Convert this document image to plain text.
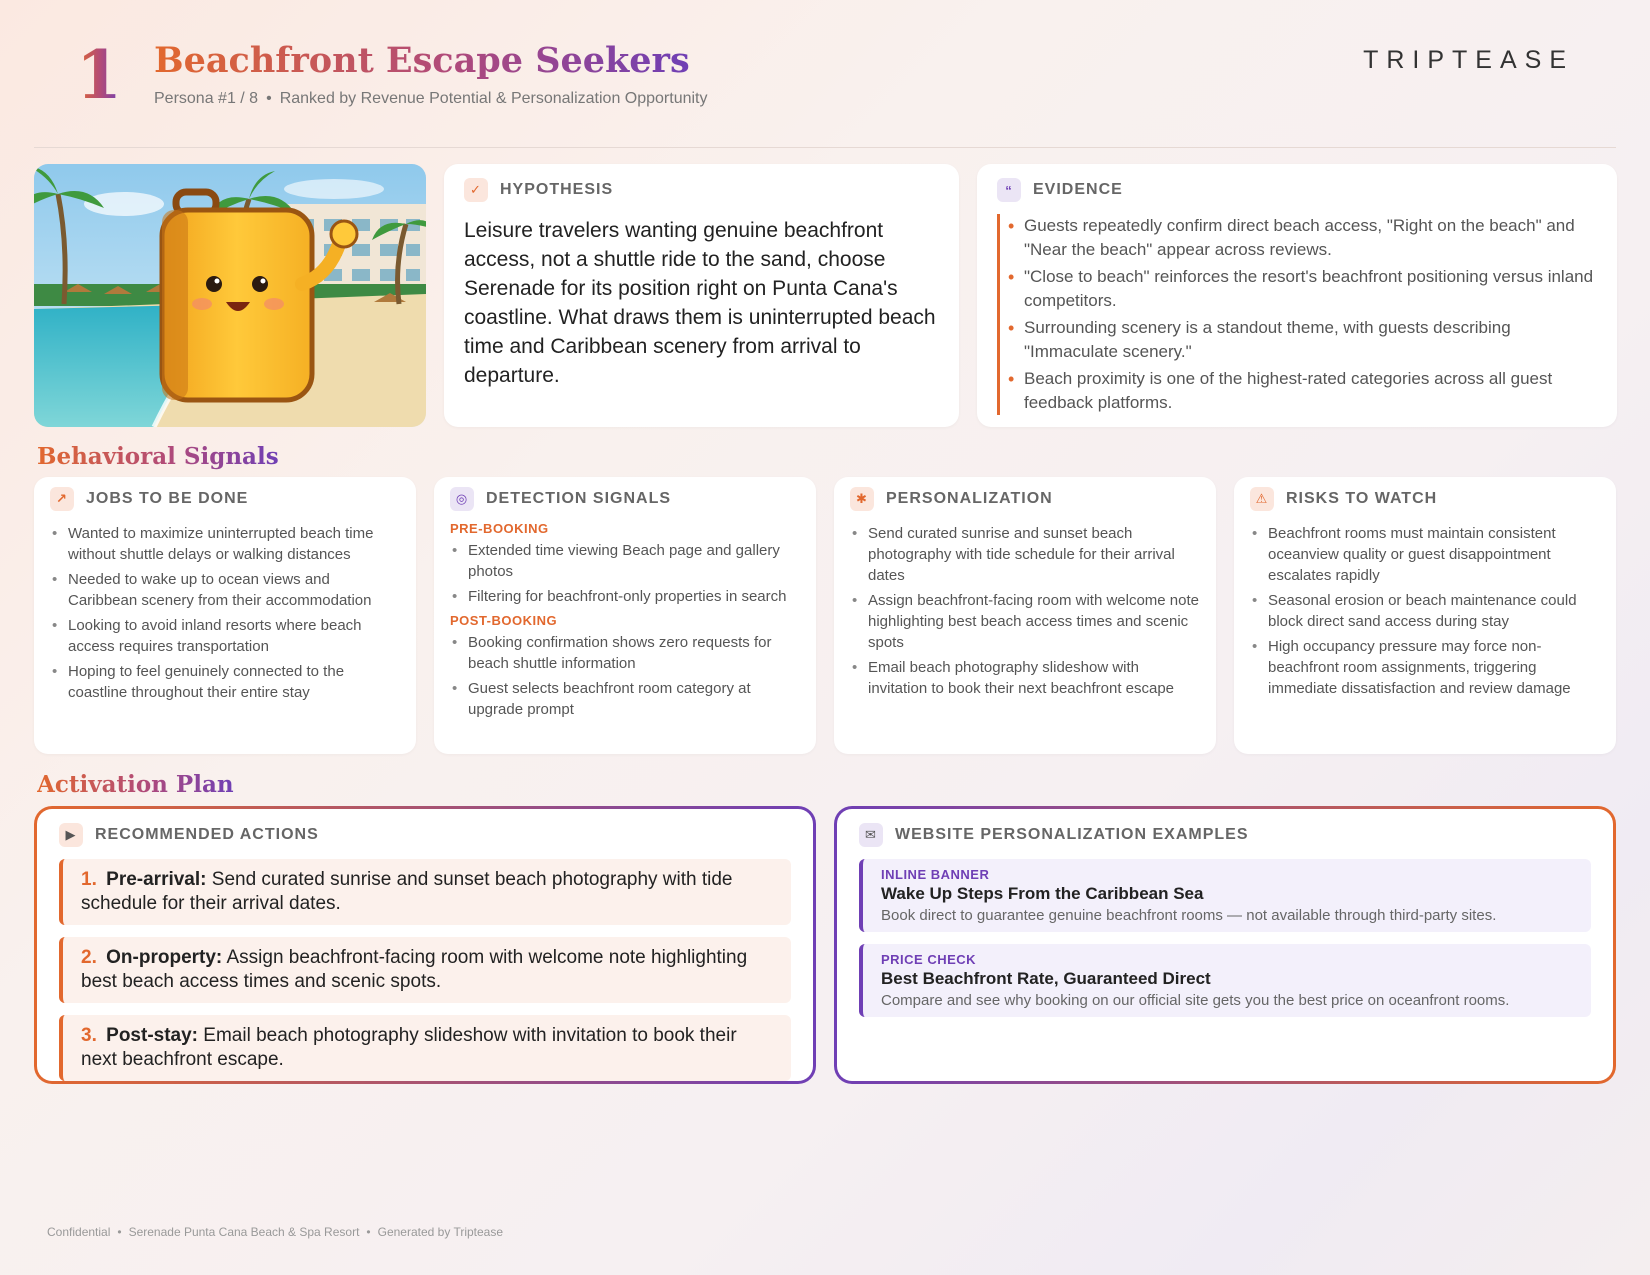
1 Beachfront Escape Seekers
Persona #1 / 8 • Ranked by Revenue Potential & Personalization Opportunity
TRIPTEASE
✓	HYPOTHESIS

Leisure travelers wanting genuine beachfront access, not a shuttle ride to the sand, choose Serenade for its position right on Punta Cana's coastline. What draws them is uninterrupted beach time and Caribbean scenery from arrival to departure.

“	EVIDENCE
• Guests repeatedly confirm direct beach access, "Right on the beach" and "Near the beach" appear across reviews.
• "Close to beach" reinforces the resort's beachfront positioning versus inland competitors.
• Surrounding scenery is a standout theme, with guests describing "Immaculate scenery."
• Beach proximity is one of the highest-rated categories across all guest feedback platforms.
Behavioral Signals
↗	JOBS TO BE DONE
• Wanted to maximize uninterrupted beach time without shuttle delays or walking distances
• Needed to wake up to ocean views and Caribbean scenery from their accommodation
• Looking to avoid inland resorts where beach access requires transportation
• Hoping to feel genuinely connected to the coastline throughout their entire stay
◎	DETECTION SIGNALS
PRE-BOOKING
• Extended time viewing Beach page and gallery photos
• Filtering for beachfront-only properties in search
POST-BOOKING
• Booking confirmation shows zero requests for beach shuttle information
• Guest selects beachfront room category at upgrade prompt
✱	PERSONALIZATION
• Send curated sunrise and sunset beach photography with tide schedule for their arrival dates
• Assign beachfront-facing room with welcome note highlighting best beach access times and scenic spots
• Email beach photography slideshow with invitation to book their next beachfront escape
⚠	RISKS TO WATCH
• Beachfront rooms must maintain consistent oceanview quality or guest disappointment escalates rapidly
• Seasonal erosion or beach maintenance could block direct sand access during stay
• High occupancy pressure may force non-beachfront room assignments, triggering immediate dissatisfaction and review damage
Activation Plan
▶	RECOMMENDED ACTIONS
1. Pre-arrival: Send curated sunrise and sunset beach photography with tide schedule for their arrival dates.
2. On-property: Assign beachfront-facing room with welcome note highlighting best beach access times and scenic spots.
3. Post-stay: Email beach photography slideshow with invitation to book their next beachfront escape.
✉	WEBSITE PERSONALIZATION EXAMPLES
INLINE BANNER
Wake Up Steps From the Caribbean Sea
Book direct to guarantee genuine beachfront rooms — not available through third-party sites.
PRICE CHECK
Best Beachfront Rate, Guaranteed Direct
Compare and see why booking on our official site gets you the best price on oceanfront rooms.
Confidential • Serenade Punta Cana Beach & Spa Resort • Generated by Triptease
